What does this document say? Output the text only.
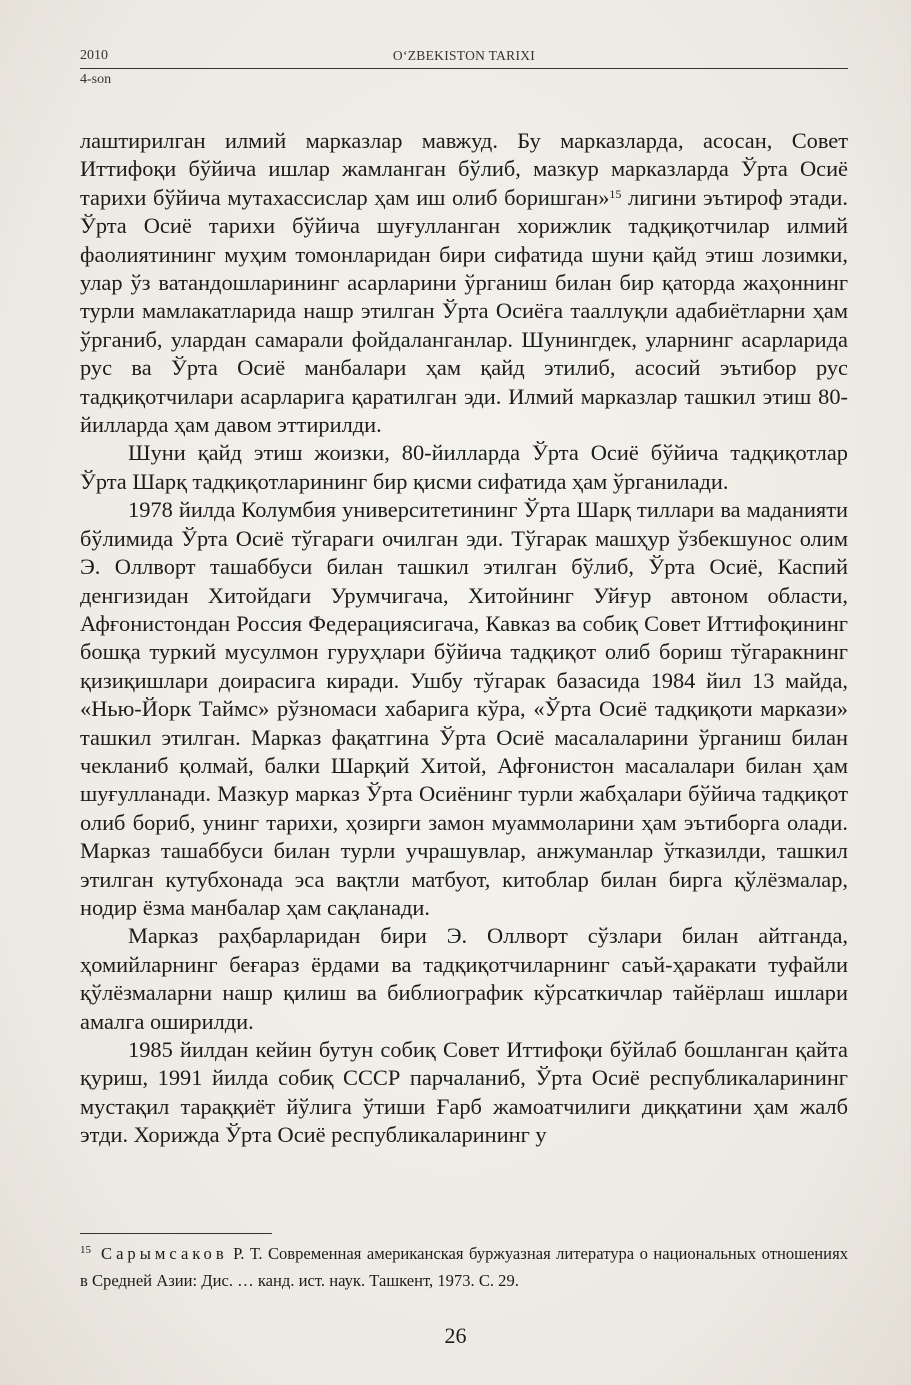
2010	O‘ZBEKISTON TARIXI
4-son

лаштирилган илмий марказлар мавжуд. Бу марказларда, асосан, Совет Иттифоқи бўйича ишлар жамланган бўлиб, мазкур марказларда Ўрта Осиё тарихи бўйича мутахассислар ҳам иш олиб боришган»$^{15}$ лигини эътироф этади. Ўрта Осиё тарихи бўйича шуғулланган хорижлик тадқиқотчилар илмий фаолиятининг муҳим томонларидан бири сифатида шуни қайд этиш лозимки, улар ўз ватандошларининг асарларини ўрганиш билан бир қаторда жаҳоннинг турли мамлакатларида нашр этилган Ўрта Осиёга тааллуқли адабиётларни ҳам ўрганиб, улардан самарали фойдаланганлар. Шунингдек, уларнинг асарларида рус ва Ўрта Осиё манбалари ҳам қайд этилиб, асосий эътибор рус тадқиқотчилари асарларига қаратилган эди. Илмий марказлар ташкил этиш 80-йилларда ҳам давом эттирилди.

Шуни қайд этиш жоизки, 80-йилларда Ўрта Осиё бўйича тадқиқотлар Ўрта Шарқ тадқиқотларининг бир қисми сифатида ҳам ўрганилади.

1978 йилда Колумбия университетининг Ўрта Шарқ тиллари ва маданияти бўлимида Ўрта Осиё тўгараги очилган эди. Тўгарак машҳур ўзбекшунос олим Э. Оллворт ташаббуси билан ташкил этилган бўлиб, Ўрта Осиё, Каспий денгизидан Хитойдаги Урумчигача, Хитойнинг Уйғур автоном области, Афғонистондан Россия Федерациясигача, Кавказ ва собиқ Совет Иттифоқининг бошқа туркий мусулмон гуруҳлари бўйича тадқиқот олиб бориш тўгаракнинг қизиқишлари доирасига киради. Ушбу тўгарак базасида 1984 йил 13 майда, «Нью-Йорк Таймс» рўзномаси хабарига кўра, «Ўрта Осиё тадқиқоти маркази» ташкил этилган. Марказ фақатгина Ўрта Осиё масалаларини ўрганиш билан чекланиб қолмай, балки Шарқий Хитой, Афғонистон масалалари билан ҳам шуғулланади. Мазкур марказ Ўрта Осиёнинг турли жабҳалари бўйича тадқиқот олиб бориб, унинг тарихи, ҳозирги замон муаммоларини ҳам эътиборга олади. Марказ ташаббуси билан турли учрашувлар, анжуманлар ўтказилди, ташкил этилган кутубхонада эса вақтли матбуот, китоблар билан бирга қўлёзмалар, нодир ёзма манбалар ҳам сақланади.

Марказ раҳбарларидан бири Э. Оллворт сўзлари билан айтганда, ҳомийларнинг беғараз ёрдами ва тадқиқотчиларнинг саъй-ҳаракати туфайли қўлёзмаларни нашр қилиш ва библиографик кўрсаткичлар тайёрлаш ишлари амалга оширилди.

1985 йилдан кейин бутун собиқ Совет Иттифоқи бўйлаб бошланган қайта қуриш, 1991 йилда собиқ СССР парчаланиб, Ўрта Осиё республикаларининг мустақил тараққиёт йўлига ўтиши Ғарб жамоатчилиги диққатини ҳам жалб этди. Хорижда Ўрта Осиё республикаларининг у

$^{15}$ Сарымсаков Р. Т. Современная американская буржуазная литература о национальных отношениях в Средней Азии: Дис. … канд. ист. наук. Ташкент, 1973. С. 29.
26
